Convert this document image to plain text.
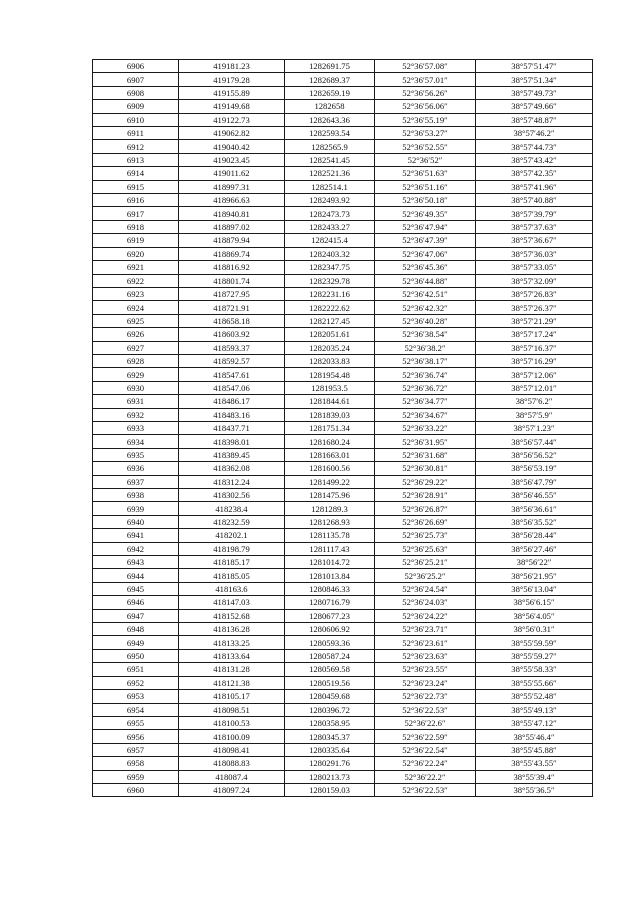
6906	419181.23	1282691.75	52°36′57.08″	38°57′51.47″
6907	419179.28	1282689.37	52°36′57.01″	38°57′51.34″
6908	419155.89	1282659.19	52°36′56.26″	38°57′49.73″
6909	419149.68	1282658	52°36′56.06″	38°57′49.66″
6910	419122.73	1282643.36	52°36′55.19″	38°57′48.87″
6911	419062.82	1282593.54	52°36′53.27″	38°57′46.2″
6912	419040.42	1282565.9	52°36′52.55″	38°57′44.73″
6913	419023.45	1282541.45	52°36′52″	38°57′43.42″
6914	419011.62	1282521.36	52°36′51.63″	38°57′42.35″
6915	418997.31	1282514.1	52°36′51.16″	38°57′41.96″
6916	418966.63	1282493.92	52°36′50.18″	38°57′40.88″
6917	418940.81	1282473.73	52°36′49.35″	38°57′39.79″
6918	418897.02	1282433.27	52°36′47.94″	38°57′37.63″
6919	418879.94	1282415.4	52°36′47.39″	38°57′36.67″
6920	418869.74	1282403.32	52°36′47.06″	38°57′36.03″
6921	418816.92	1282347.75	52°36′45.36″	38°57′33.05″
6922	418801.74	1282329.78	52°36′44.88″	38°57′32.09″
6923	418727.95	1282231.16	52°36′42.51″	38°57′26.83″
6924	418721.91	1282222.62	52°36′42.32″	38°57′26.37″
6925	418658.18	1282127.45	52°36′40.28″	38°57′21.29″
6926	418603.92	1282051.61	52°36′38.54″	38°57′17.24″
6927	418593.37	1282035.24	52°36′38.2″	38°57′16.37″
6928	418592.57	1282033.83	52°36′38.17″	38°57′16.29″
6929	418547.61	1281954.48	52°36′36.74″	38°57′12.06″
6930	418547.06	1281953.5	52°36′36.72″	38°57′12.01″
6931	418486.17	1281844.61	52°36′34.77″	38°57′6.2″
6932	418483.16	1281839.03	52°36′34.67″	38°57′5.9″
6933	418437.71	1281751.34	52°36′33.22″	38°57′1.23″
6934	418398.01	1281680.24	52°36′31.95″	38°56′57.44″
6935	418389.45	1281663.01	52°36′31.68″	38°56′56.52″
6936	418362.08	1281600.56	52°36′30.81″	38°56′53.19″
6937	418312.24	1281499.22	52°36′29.22″	38°56′47.79″
6938	418302.56	1281475.96	52°36′28.91″	38°56′46.55″
6939	418238.4	1281289.3	52°36′26.87″	38°56′36.61″
6940	418232.59	1281268.93	52°36′26.69″	38°56′35.52″
6941	418202.1	1281135.78	52°36′25.73″	38°56′28.44″
6942	418198.79	1281117.43	52°36′25.63″	38°56′27.46″
6943	418185.17	1281014.72	52°36′25.21″	38°56′22″
6944	418185.05	1281013.84	52°36′25.2″	38°56′21.95″
6945	418163.6	1280846.33	52°36′24.54″	38°56′13.04″
6946	418147.03	1280716.79	52°36′24.03″	38°56′6.15″
6947	418152.68	1280677.23	52°36′24.22″	38°56′4.05″
6948	418136.28	1280606.92	52°36′23.71″	38°56′0.31″
6949	418133.25	1280593.36	52°36′23.61″	38°55′59.59″
6950	418133.64	1280587.24	52°36′23.63″	38°55′59.27″
6951	418131.28	1280569.58	52°36′23.55″	38°55′58.33″
6952	418121.38	1280519.56	52°36′23.24″	38°55′55.66″
6953	418105.17	1280459.68	52°36′22.73″	38°55′52.48″
6954	418098.51	1280396.72	52°36′22.53″	38°55′49.13″
6955	418100.53	1280358.95	52°36′22.6″	38°55′47.12″
6956	418100.09	1280345.37	52°36′22.59″	38°55′46.4″
6957	418098.41	1280335.64	52°36′22.54″	38°55′45.88″
6958	418088.83	1280291.76	52°36′22.24″	38°55′43.55″
6959	418087.4	1280213.73	52°36′22.2″	38°55′39.4″
6960	418097.24	1280159.03	52°36′22.53″	38°55′36.5″
